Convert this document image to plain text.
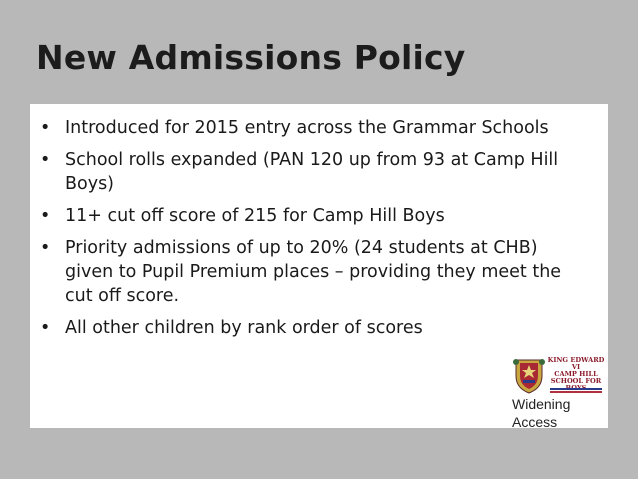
New Admissions Policy
• Introduced for 2015 entry across the Grammar Schools
• School rolls expanded (PAN 120 up from 93 at Camp Hill Boys)
• 11+ cut off score of 215 for Camp Hill Boys
• Priority admissions of up to 20% (24 students at CHB) given to Pupil Premium places – providing they meet the cut off score.
• All other children by rank order of scores
KING EDWARD VI
CAMP HILL
SCHOOL FOR
Widening
Access
